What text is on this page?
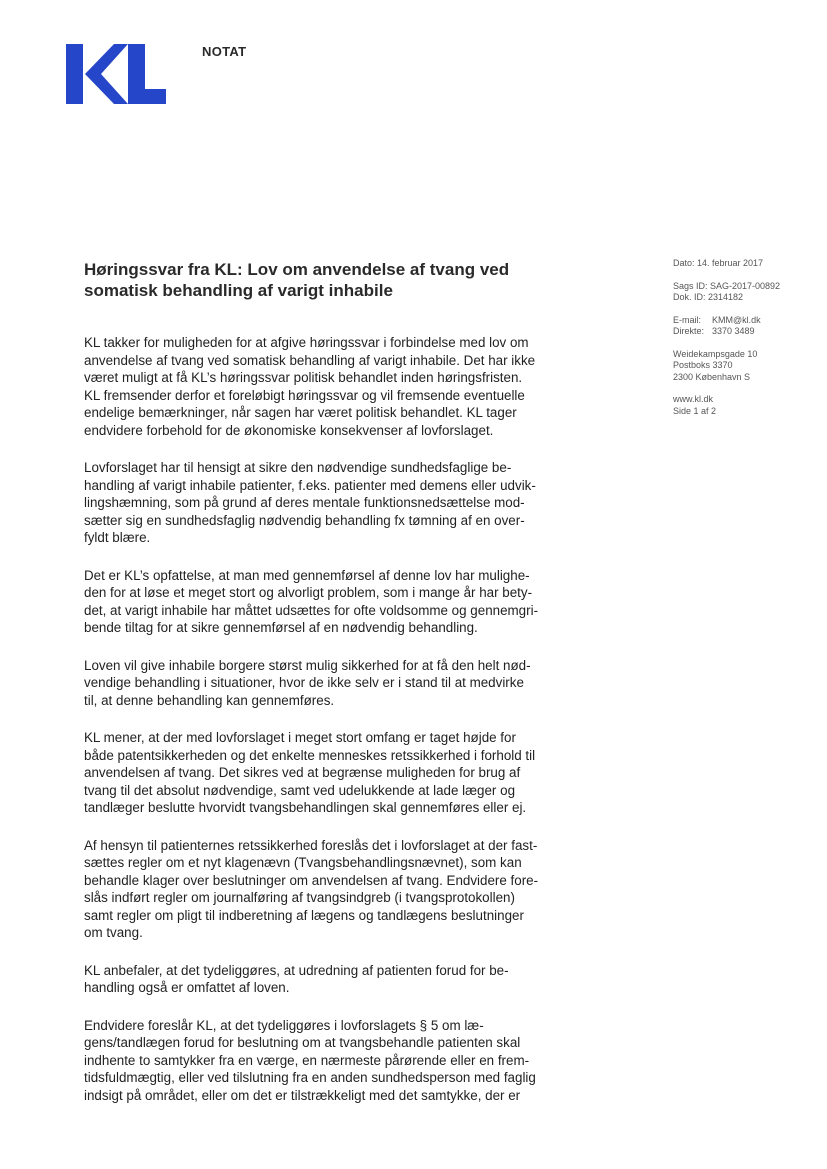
NOTAT
Høringssvar fra KL: Lov om anvendelse af tvang ved
somatisk behandling af varigt inhabile
Dato: 14. februar 2017
Sags ID: SAG-2017-00892
Dok. ID: 2314182
E-mail: KMM@kl.dk
Direkte: 3370 3489
Weidekampsgade 10
Postboks 3370
2300 København S
www.kl.dk
Side 1 af 2

KL takker for muligheden for at afgive høringssvar i forbindelse med lov om
anvendelse af tvang ved somatisk behandling af varigt inhabile. Det har ikke
været muligt at få KL’s høringssvar politisk behandlet inden høringsfristen.
KL fremsender derfor et foreløbigt høringssvar og vil fremsende eventuelle
endelige bemærkninger, når sagen har været politisk behandlet. KL tager
endvidere forbehold for de økonomiske konsekvenser af lovforslaget.

Lovforslaget har til hensigt at sikre den nødvendige sundhedsfaglige be-
handling af varigt inhabile patienter, f.eks. patienter med demens eller udvik-
lingshæmning, som på grund af deres mentale funktionsnedsættelse mod-
sætter sig en sundhedsfaglig nødvendig behandling fx tømning af en over-
fyldt blære.

Det er KL’s opfattelse, at man med gennemførsel af denne lov har mulighe-
den for at løse et meget stort og alvorligt problem, som i mange år har bety-
det, at varigt inhabile har måttet udsættes for ofte voldsomme og gennemgri-
bende tiltag for at sikre gennemførsel af en nødvendig behandling.

Loven vil give inhabile borgere størst mulig sikkerhed for at få den helt nød-
vendige behandling i situationer, hvor de ikke selv er i stand til at medvirke
til, at denne behandling kan gennemføres.

KL mener, at der med lovforslaget i meget stort omfang er taget højde for
både patentsikkerheden og det enkelte menneskes retssikkerhed i forhold til
anvendelsen af tvang. Det sikres ved at begrænse muligheden for brug af
tvang til det absolut nødvendige, samt ved udelukkende at lade læger og
tandlæger beslutte hvorvidt tvangsbehandlingen skal gennemføres eller ej.

Af hensyn til patienternes retssikkerhed foreslås det i lovforslaget at der fast-
sættes regler om et nyt klagenævn (Tvangsbehandlingsnævnet), som kan
behandle klager over beslutninger om anvendelsen af tvang. Endvidere fore-
slås indført regler om journalføring af tvangsindgreb (i tvangsprotokollen)
samt regler om pligt til indberetning af lægens og tandlægens beslutninger
om tvang.

KL anbefaler, at det tydeliggøres, at udredning af patienten forud for be-
handling også er omfattet af loven.

Endvidere foreslår KL, at det tydeliggøres i lovforslagets § 5 om læ-
gens/tandlægen forud for beslutning om at tvangsbehandle patienten skal
indhente to samtykker fra en værge, en nærmeste pårørende eller en frem-
tidsfuldmægtig, eller ved tilslutning fra en anden sundhedsperson med faglig
indsigt på området, eller om det er tilstrækkeligt med det samtykke, der er
